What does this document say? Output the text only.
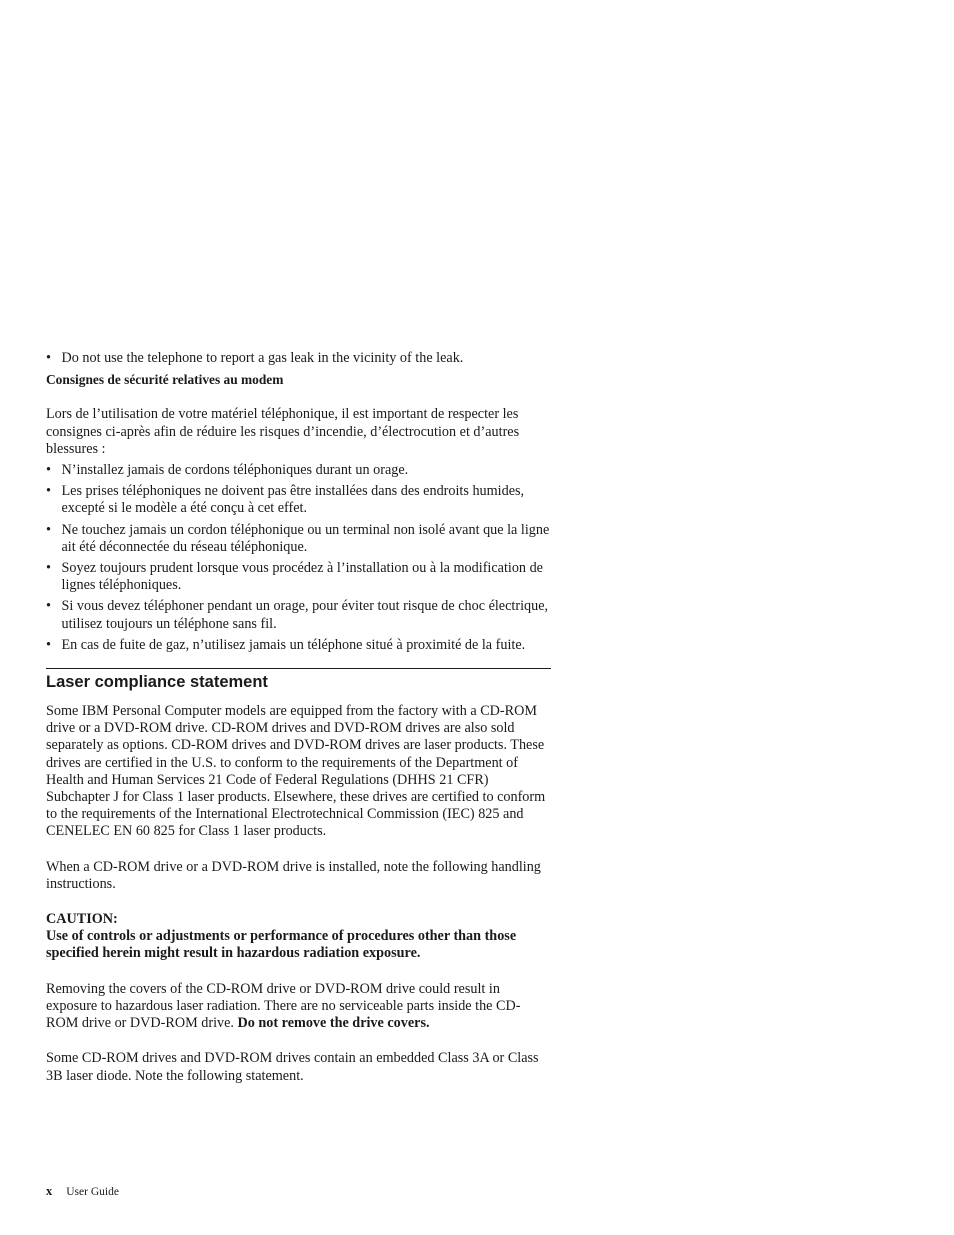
• Do not use the telephone to report a gas leak in the vicinity of the leak.
Consignes de sécurité relatives au modem

Lors de l’utilisation de votre matériel téléphonique, il est important de respecter les consignes ci-après afin de réduire les risques d’incendie, d’électrocution et d’autres blessures :

• N’installez jamais de cordons téléphoniques durant un orage.
• Les prises téléphoniques ne doivent pas être installées dans des endroits humides, excepté si le modèle a été conçu à cet effet.
• Ne touchez jamais un cordon téléphonique ou un terminal non isolé avant que la ligne ait été déconnectée du réseau téléphonique.
• Soyez toujours prudent lorsque vous procédez à l’installation ou à la modification de lignes téléphoniques.
• Si vous devez téléphoner pendant un orage, pour éviter tout risque de choc électrique, utilisez toujours un téléphone sans fil.
• En cas de fuite de gaz, n’utilisez jamais un téléphone situé à proximité de la fuite.
Laser compliance statement

Some IBM Personal Computer models are equipped from the factory with a CD-ROM drive or a DVD-ROM drive. CD-ROM drives and DVD-ROM drives are also sold separately as options. CD-ROM drives and DVD-ROM drives are laser products. These drives are certified in the U.S. to conform to the requirements of the Department of Health and Human Services 21 Code of Federal Regulations (DHHS 21 CFR) Subchapter J for Class 1 laser products. Elsewhere, these drives are certified to conform to the requirements of the International Electrotechnical Commission (IEC) 825 and CENELEC EN 60 825 for Class 1 laser products.

When a CD-ROM drive or a DVD-ROM drive is installed, note the following handling instructions.

CAUTION:

Use of controls or adjustments or performance of procedures other than those specified herein might result in hazardous radiation exposure.

Removing the covers of the CD-ROM drive or DVD-ROM drive could result in exposure to hazardous laser radiation. There are no serviceable parts inside the CD-ROM drive or DVD-ROM drive. Do not remove the drive covers.

Some CD-ROM drives and DVD-ROM drives contain an embedded Class 3A or Class 3B laser diode. Note the following statement.

x User Guide
